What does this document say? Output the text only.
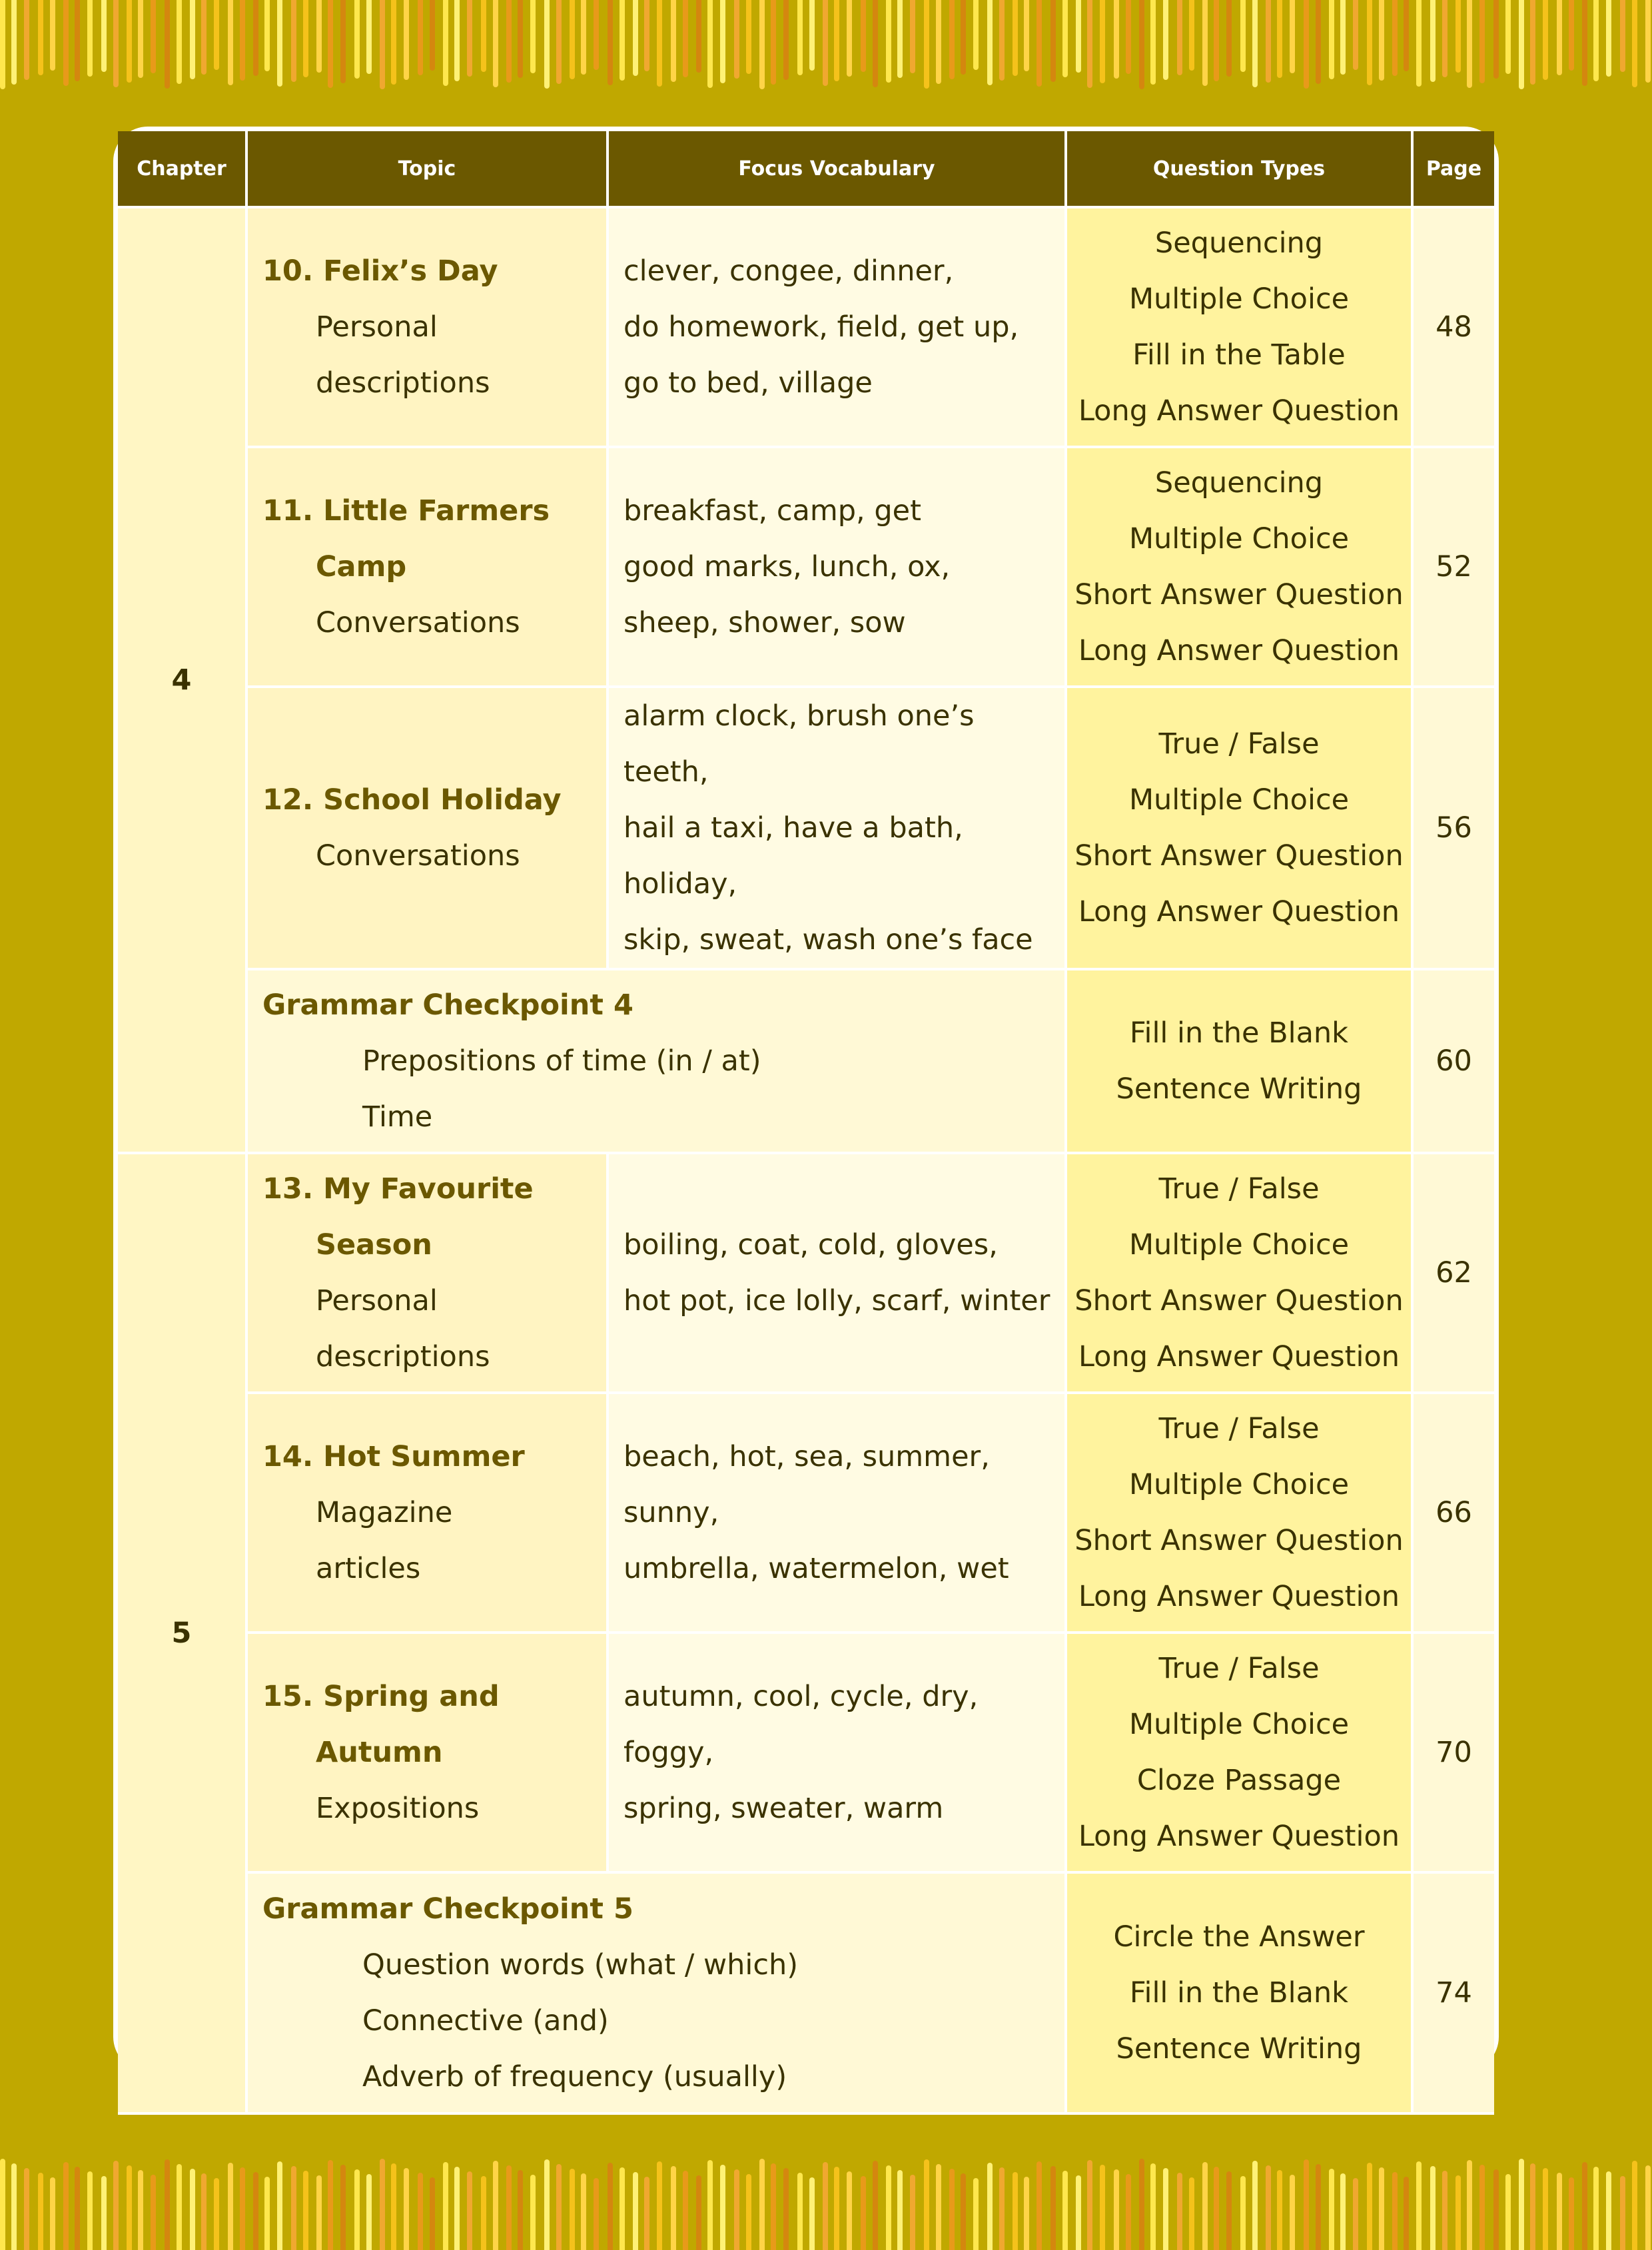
Chapter	Topic	Focus Vocabulary	Question Types	Page
4	10. Felix’s Day
Personal
descriptions	clever, congee, dinner,
do homework, field, get up,
go to bed, village	Sequencing
Multiple Choice
Fill in the Table
Long Answer Question	48

	11. Little Farmers
Camp
Conversations	breakfast, camp, get
good marks, lunch, ox,
sheep, shower, sow	Sequencing
Multiple Choice
Short Answer Question
Long Answer Question	52

	12. School Holiday
Conversations	alarm clock, brush one’s teeth,
hail a taxi, have a bath, holiday,
skip, sweat, wash one’s face	True / False
Multiple Choice
Short Answer Question
Long Answer Question	56

	Grammar Checkpoint 4
Prepositions of time (in / at)
Time		Fill in the Blank
Sentence Writing	60
5	13. My Favourite
Season
Personal
descriptions	boiling, coat, cold, gloves,
hot pot, ice lolly, scarf, winter	True / False
Multiple Choice
Short Answer Question
Long Answer Question	62

	14. Hot Summer
Magazine
articles	beach, hot, sea, summer, sunny,
umbrella, watermelon, wet	True / False
Multiple Choice
Short Answer Question
Long Answer Question	66

	15. Spring and
Autumn
Expositions	autumn, cool, cycle, dry, foggy,
spring, sweater, warm	True / False
Multiple Choice
Cloze Passage
Long Answer Question	70

	Grammar Checkpoint 5
Question words (what / which)
Connective (and)
Adverb of frequency (usually)		Circle the Answer
Fill in the Blank
Sentence Writing	74
